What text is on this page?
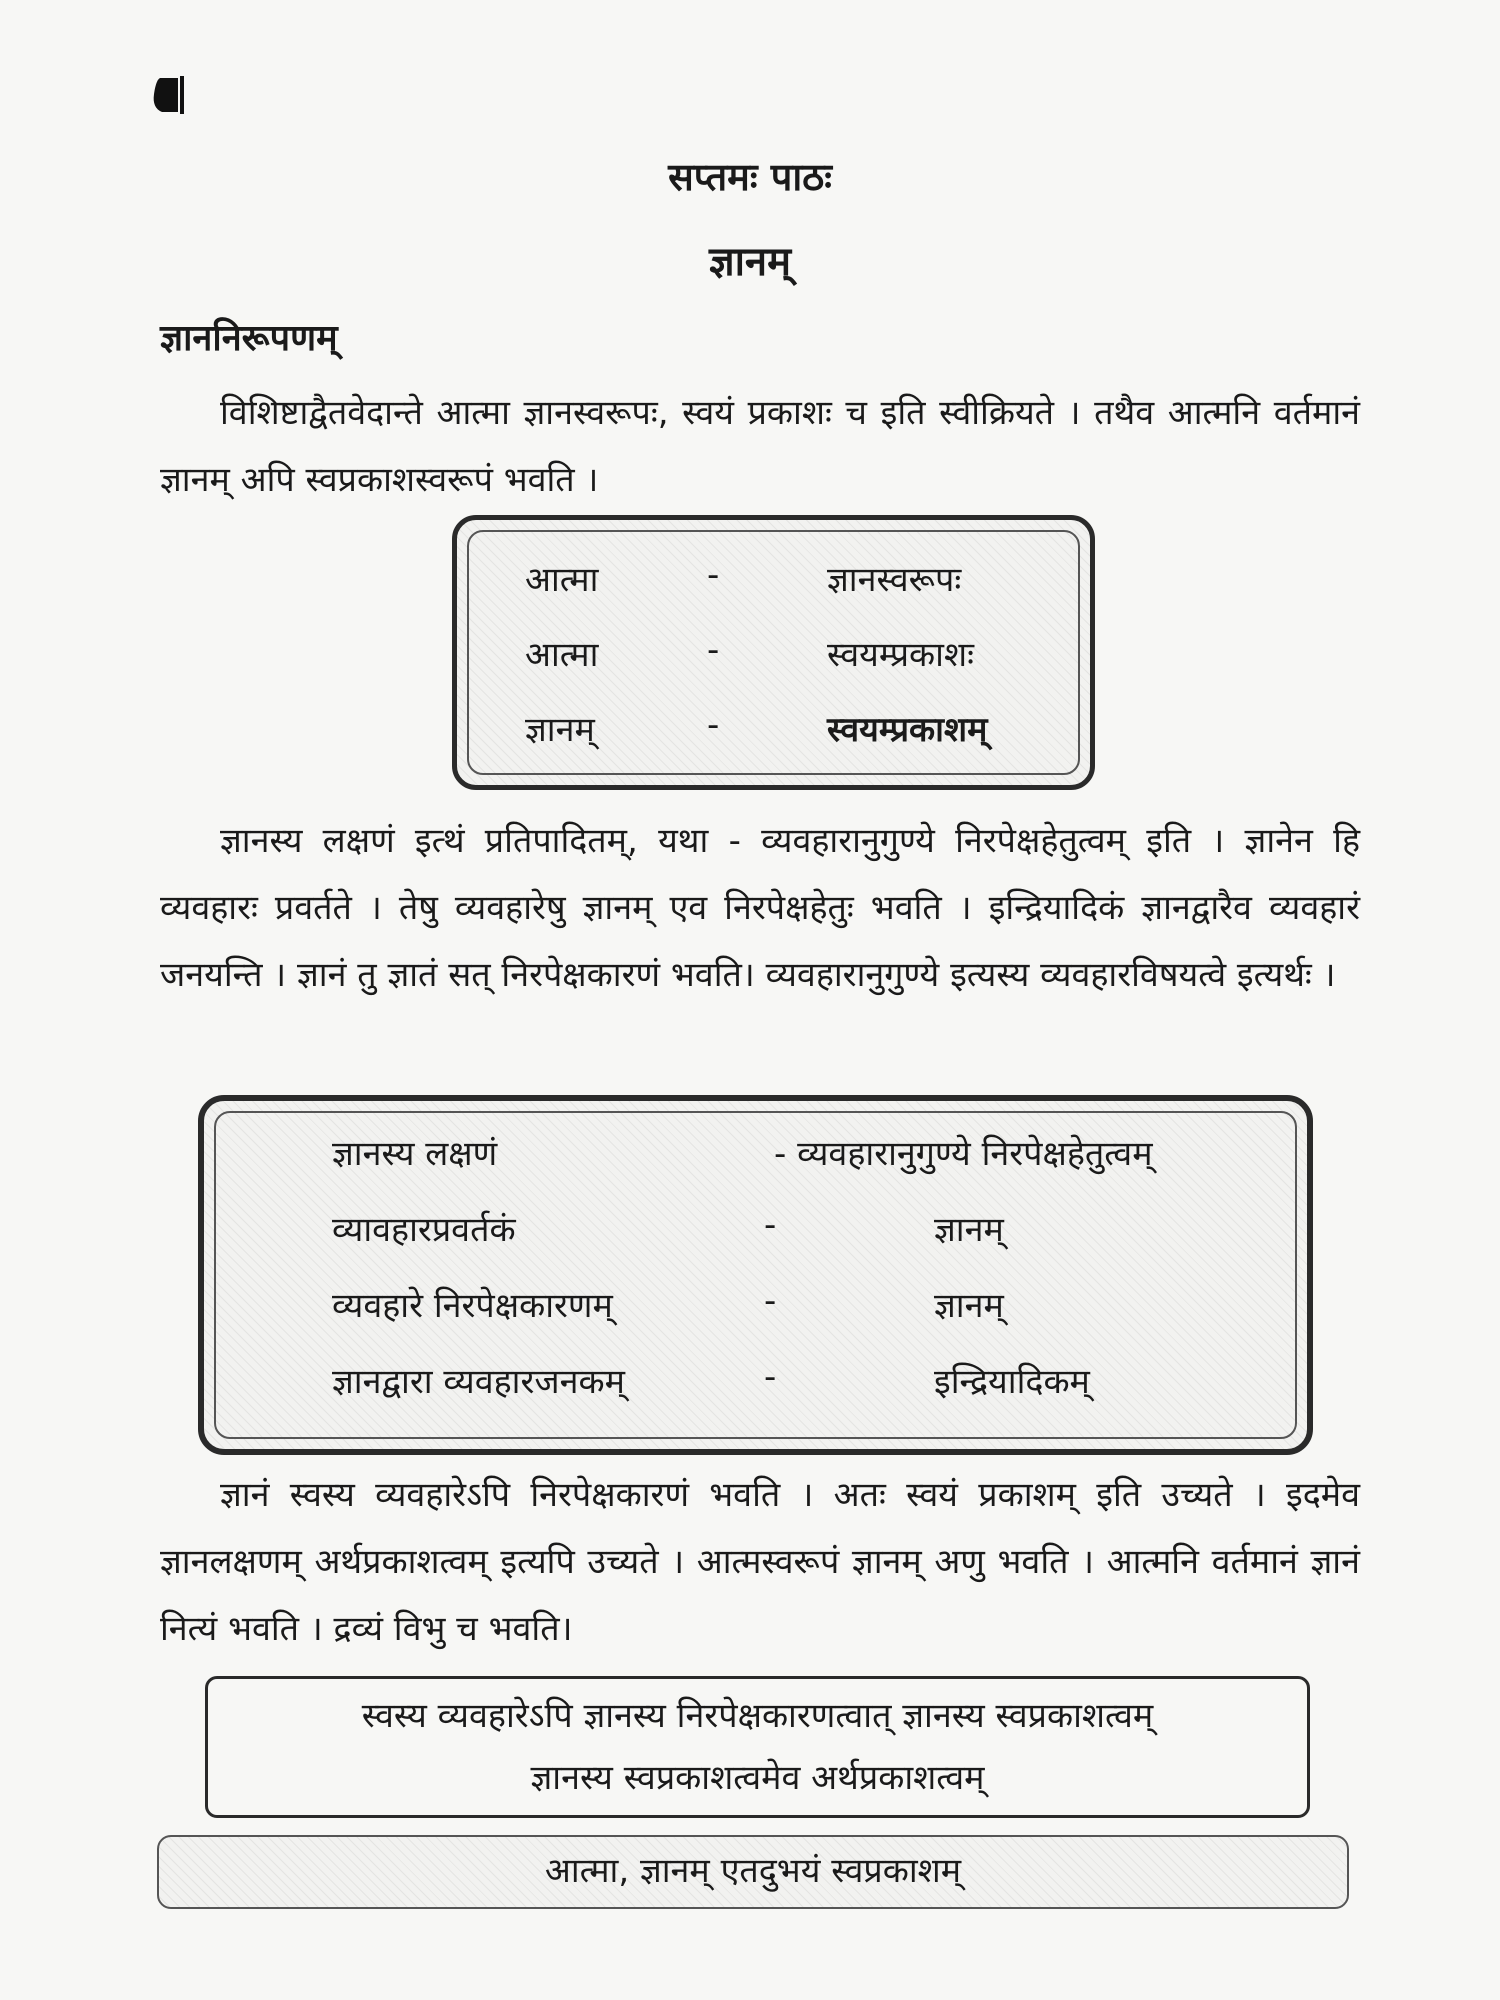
सप्तमः पाठः
ज्ञानम्
ज्ञाननिरूपणम्

विशिष्टाद्वैतवेदान्ते आत्मा ज्ञानस्वरूपः, स्वयं प्रकाशः च इति स्वीक्रियते । तथैव आत्मनि वर्तमानं ज्ञानम् अपि स्वप्रकाशस्वरूपं भवति ।

आत्मा	-	ज्ञानस्वरूपः
आत्मा	-	स्वयम्प्रकाशः
ज्ञानम्	-	स्वयम्प्रकाशम्

ज्ञानस्य लक्षणं इत्थं प्रतिपादितम्, यथा - व्यवहारानुगुण्ये निरपेक्षहेतुत्वम् इति । ज्ञानेन हि व्यवहारः प्रवर्तते । तेषु व्यवहारेषु ज्ञानम् एव निरपेक्षहेतुः भवति । इन्द्रियादिकं ज्ञानद्वारैव व्यवहारं जनयन्ति । ज्ञानं तु ज्ञातं सत् निरपेक्षकारणं भवति। व्यवहारानुगुण्ये इत्यस्य व्यवहारविषयत्वे इत्यर्थः ।

ज्ञानस्य लक्षणं	- व्यवहारानुगुण्ये निरपेक्षहेतुत्वम्
व्यावहारप्रवर्तकं	-	ज्ञानम्
व्यवहारे निरपेक्षकारणम्	-	ज्ञानम्
ज्ञानद्वारा व्यवहारजनकम्	-	इन्द्रियादिकम्

ज्ञानं स्वस्य व्यवहारेऽपि निरपेक्षकारणं भवति । अतः स्वयं प्रकाशम् इति उच्यते । इदमेव ज्ञानलक्षणम् अर्थप्रकाशत्वम् इत्यपि उच्यते । आत्मस्वरूपं ज्ञानम् अणु भवति । आत्मनि वर्तमानं ज्ञानं नित्यं भवति । द्रव्यं विभु च भवति।

स्वस्य व्यवहारेऽपि ज्ञानस्य निरपेक्षकारणत्वात् ज्ञानस्य स्वप्रकाशत्वम्
ज्ञानस्य स्वप्रकाशत्वमेव अर्थप्रकाशत्वम्
आत्मा, ज्ञानम् एतदुभयं स्वप्रकाशम्
